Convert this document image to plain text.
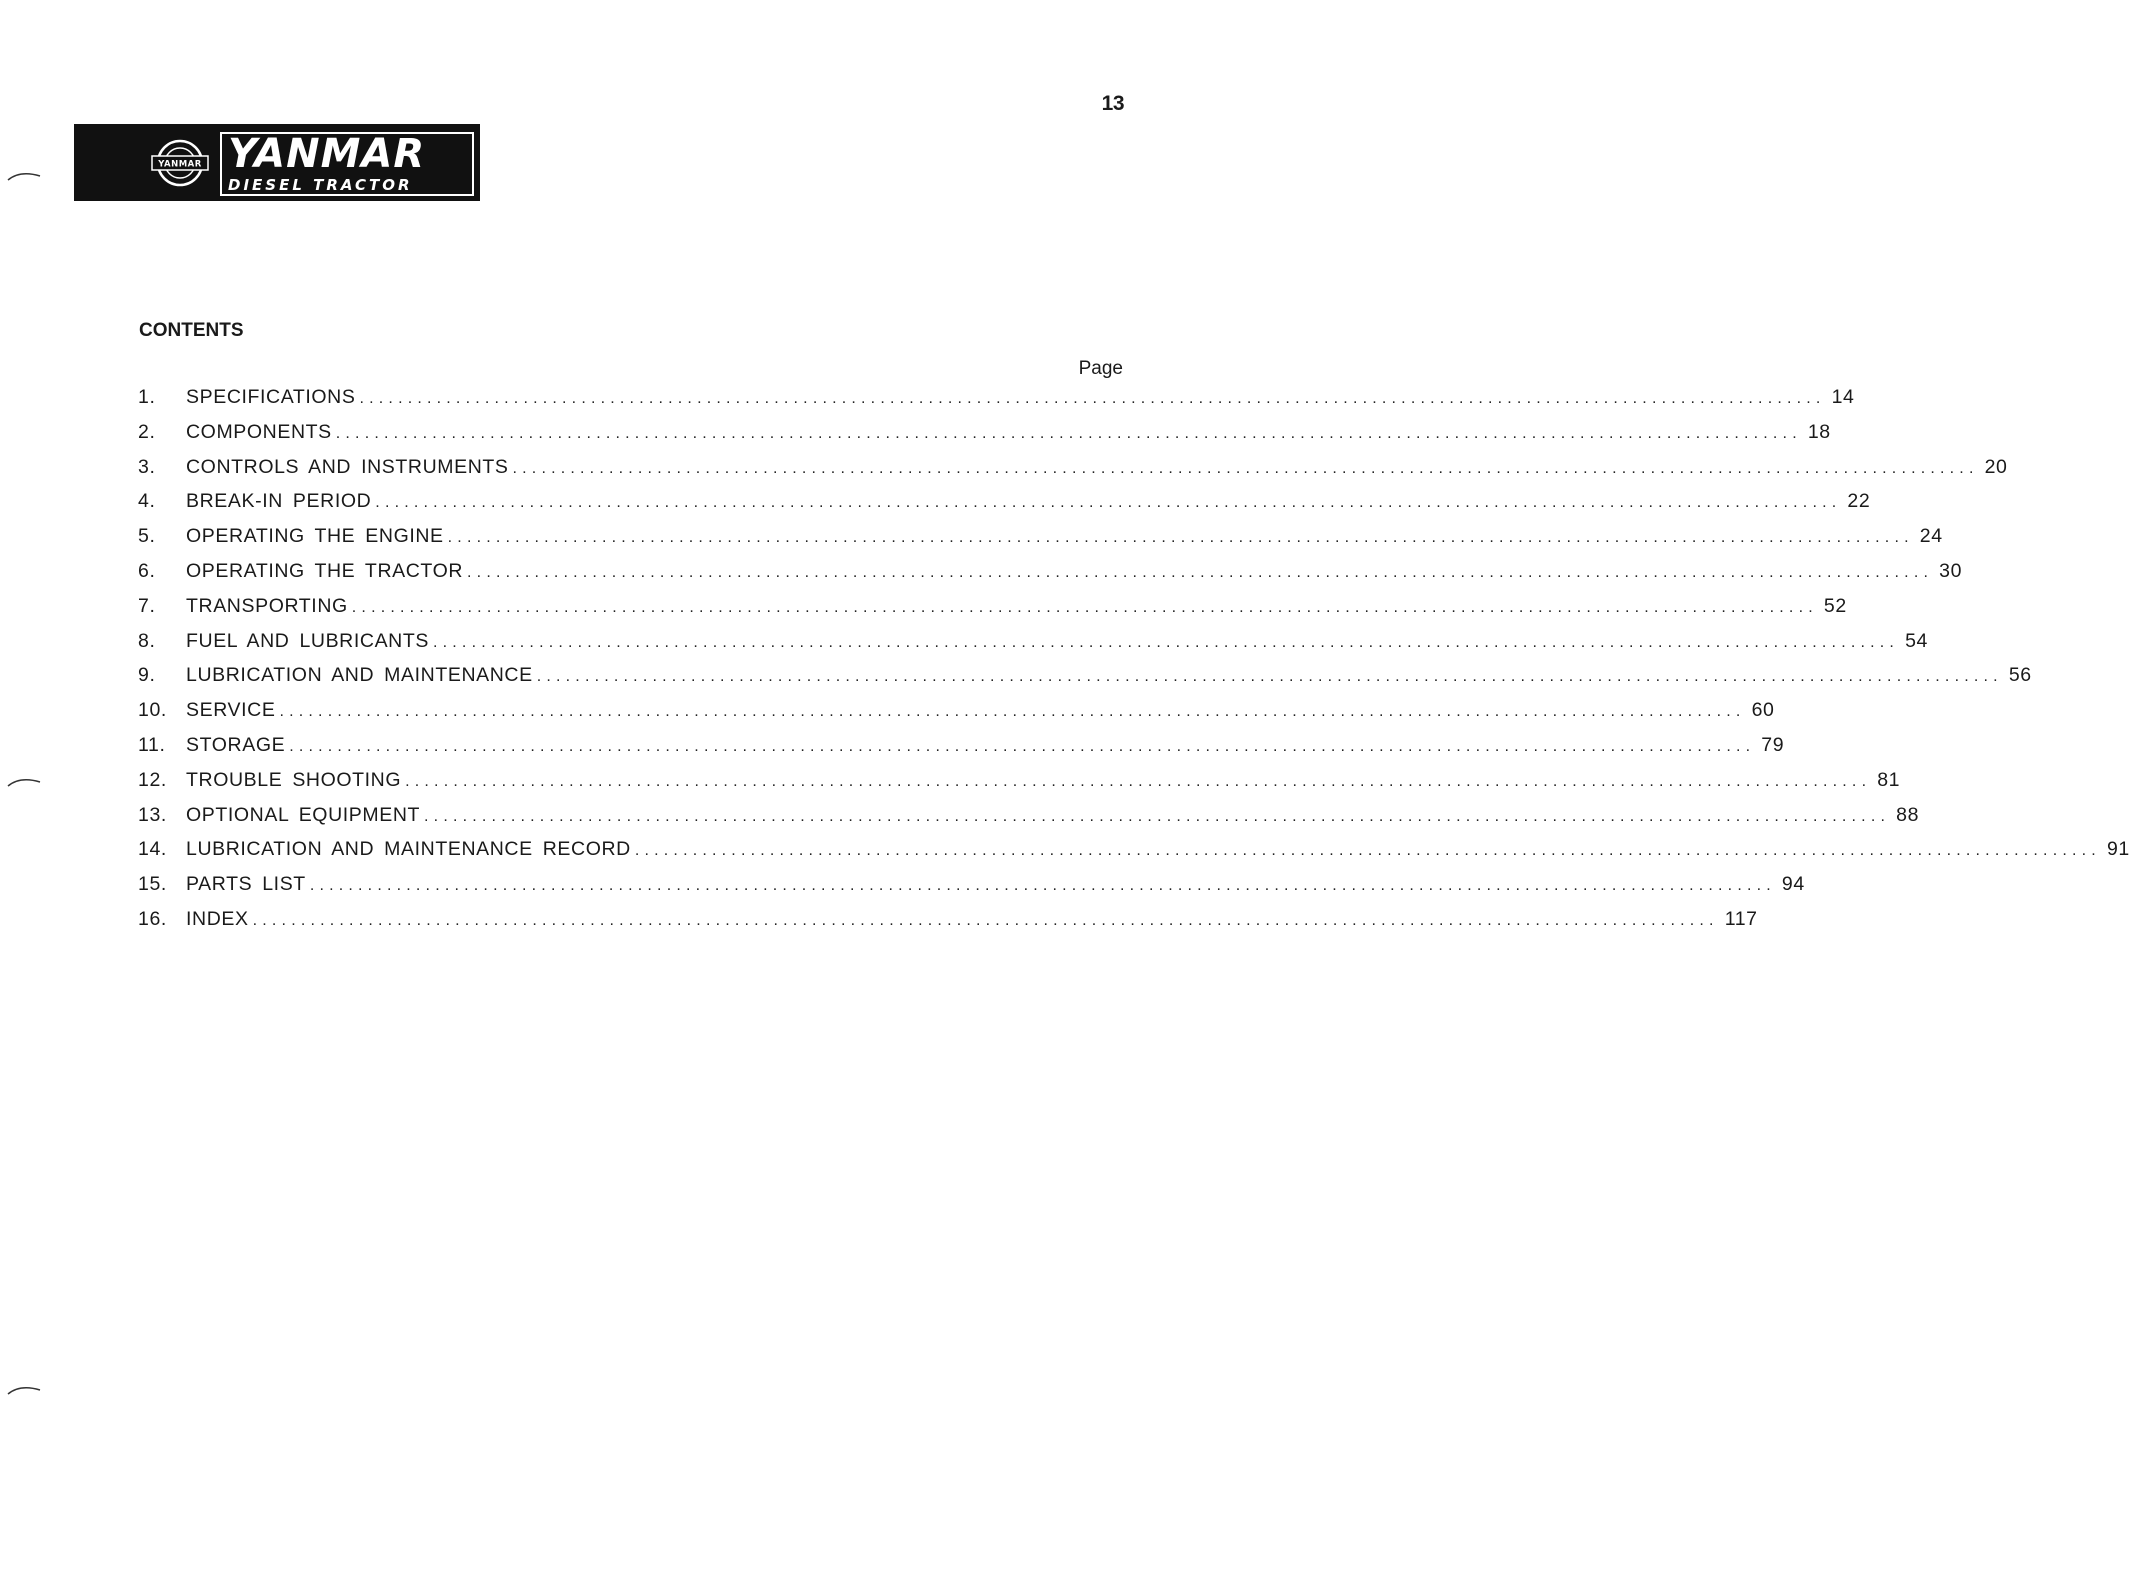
13
YANMAR YANMAR
DIESEL TRACTOR
CONTENTS
Page
1.	SPECIFICATIONS ........................................................................................................................................................ 14
2.	COMPONENTS ........................................................................................................................................................ 18
3.	CONTROLS AND INSTRUMENTS ........................................................................................................................................................ 20
4.	BREAK-IN PERIOD ........................................................................................................................................................ 22
5.	OPERATING THE ENGINE ........................................................................................................................................................ 24
6.	OPERATING THE TRACTOR ........................................................................................................................................................ 30
7.	TRANSPORTING ........................................................................................................................................................ 52
8.	FUEL AND LUBRICANTS ........................................................................................................................................................ 54
9.	LUBRICATION AND MAINTENANCE ........................................................................................................................................................ 56
10. SERVICE ........................................................................................................................................................ 60
11.	STORAGE ........................................................................................................................................................ 79
12. TROUBLE SHOOTING ........................................................................................................................................................ 81
13. OPTIONAL EQUIPMENT ........................................................................................................................................................ 88
14. LUBRICATION AND MAINTENANCE RECORD ........................................................................................................................................................ 91
15. PARTS LIST ........................................................................................................................................................ 94
16. INDEX ........................................................................................................................................................ 117
